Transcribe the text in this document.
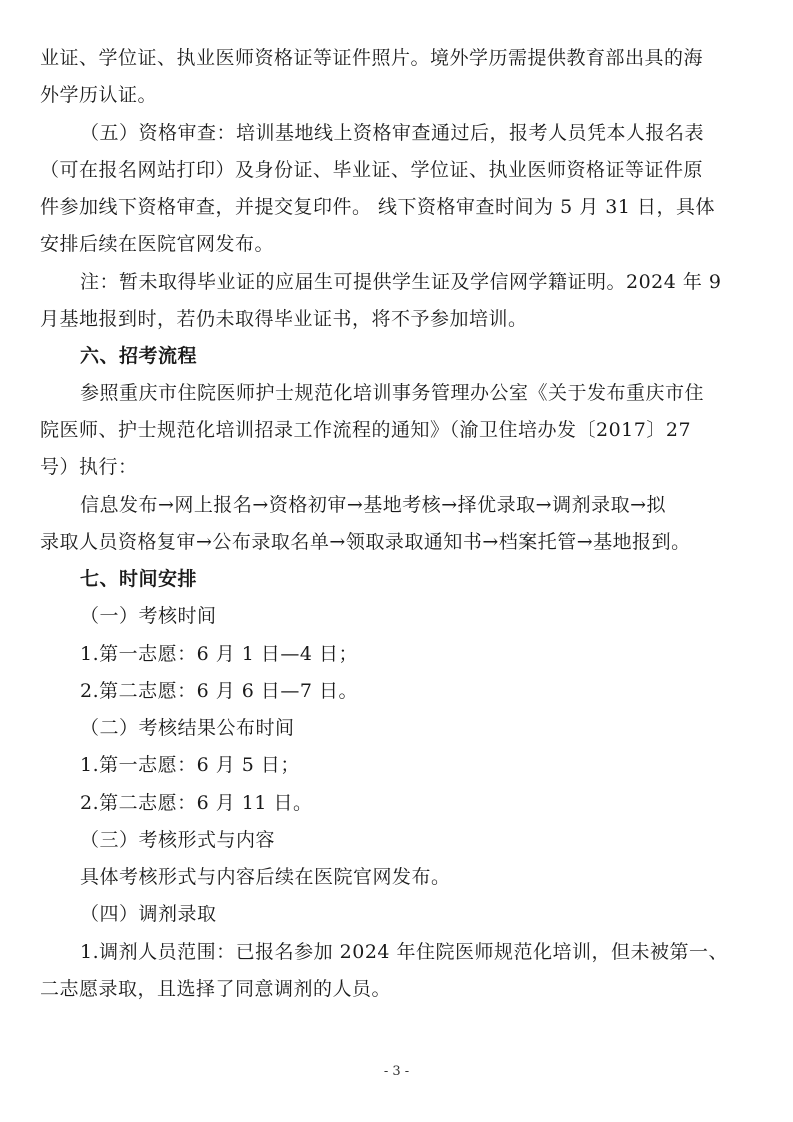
业证、学位证、执业医师资格证等证件照片。境外学历需提供教育部出具的海
外学历认证。
（五）资格审查：培训基地线上资格审查通过后，报考人员凭本人报名表
（可在报名网站打印）及身份证、毕业证、学位证、执业医师资格证等证件原
件参加线下资格审查，并提交复印件。 线下资格审查时间为 5 月 31 日，具体
安排后续在医院官网发布。
注：暂未取得毕业证的应届生可提供学生证及学信网学籍证明。2024 年 9
月基地报到时，若仍未取得毕业证书，将不予参加培训。
六、招考流程
参照重庆市住院医师护士规范化培训事务管理办公室《关于发布重庆市住
院医师、护士规范化培训招录工作流程的通知》（渝卫住培办发〔2017〕27
号）执行：
信息发布→网上报名→资格初审→基地考核→择优录取→调剂录取→拟
录取人员资格复审→公布录取名单→领取录取通知书→档案托管→基地报到。
七、时间安排
（一）考核时间
1.第一志愿：6 月 1 日—4 日；
2.第二志愿：6 月 6 日—7 日。
（二）考核结果公布时间
1.第一志愿：6 月 5 日；
2.第二志愿：6 月 11 日。
（三）考核形式与内容
具体考核形式与内容后续在医院官网发布。
（四）调剂录取
1.调剂人员范围：已报名参加 2024 年住院医师规范化培训，但未被第一、
二志愿录取，且选择了同意调剂的人员。
- 3 -
